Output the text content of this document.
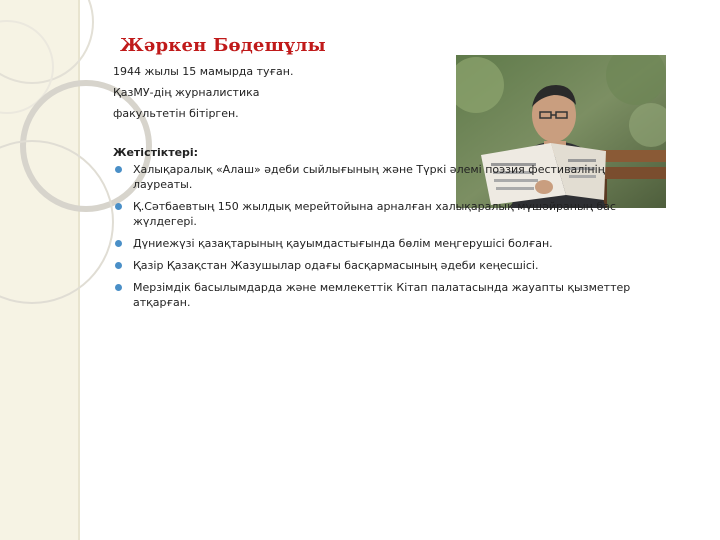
Жәркен Бөдешұлы
1944 жылы 15 мамырда туған.
ҚазМУ-дің журналистика
факультетін бітірген.
Жетістіктері:
Халықаралық «Алаш» әдеби сыйлығының және Түркі әлемі поэзия фестивалінің лауреаты.
Қ.Сәтбаевтың 150 жылдық мерейтойына арналған халықаралық мүшәйраның бас жүлдегері.
Дүниежүзі қазақтарының қауымдастығында бөлім меңгерушісі болған.
Қазір Қазақстан Жазушылар одағы басқармасының әдеби кеңесшісі.
Мерзімдік басылымдарда және мемлекеттік Кітап палатасында жауапты қызметтер атқарған.
